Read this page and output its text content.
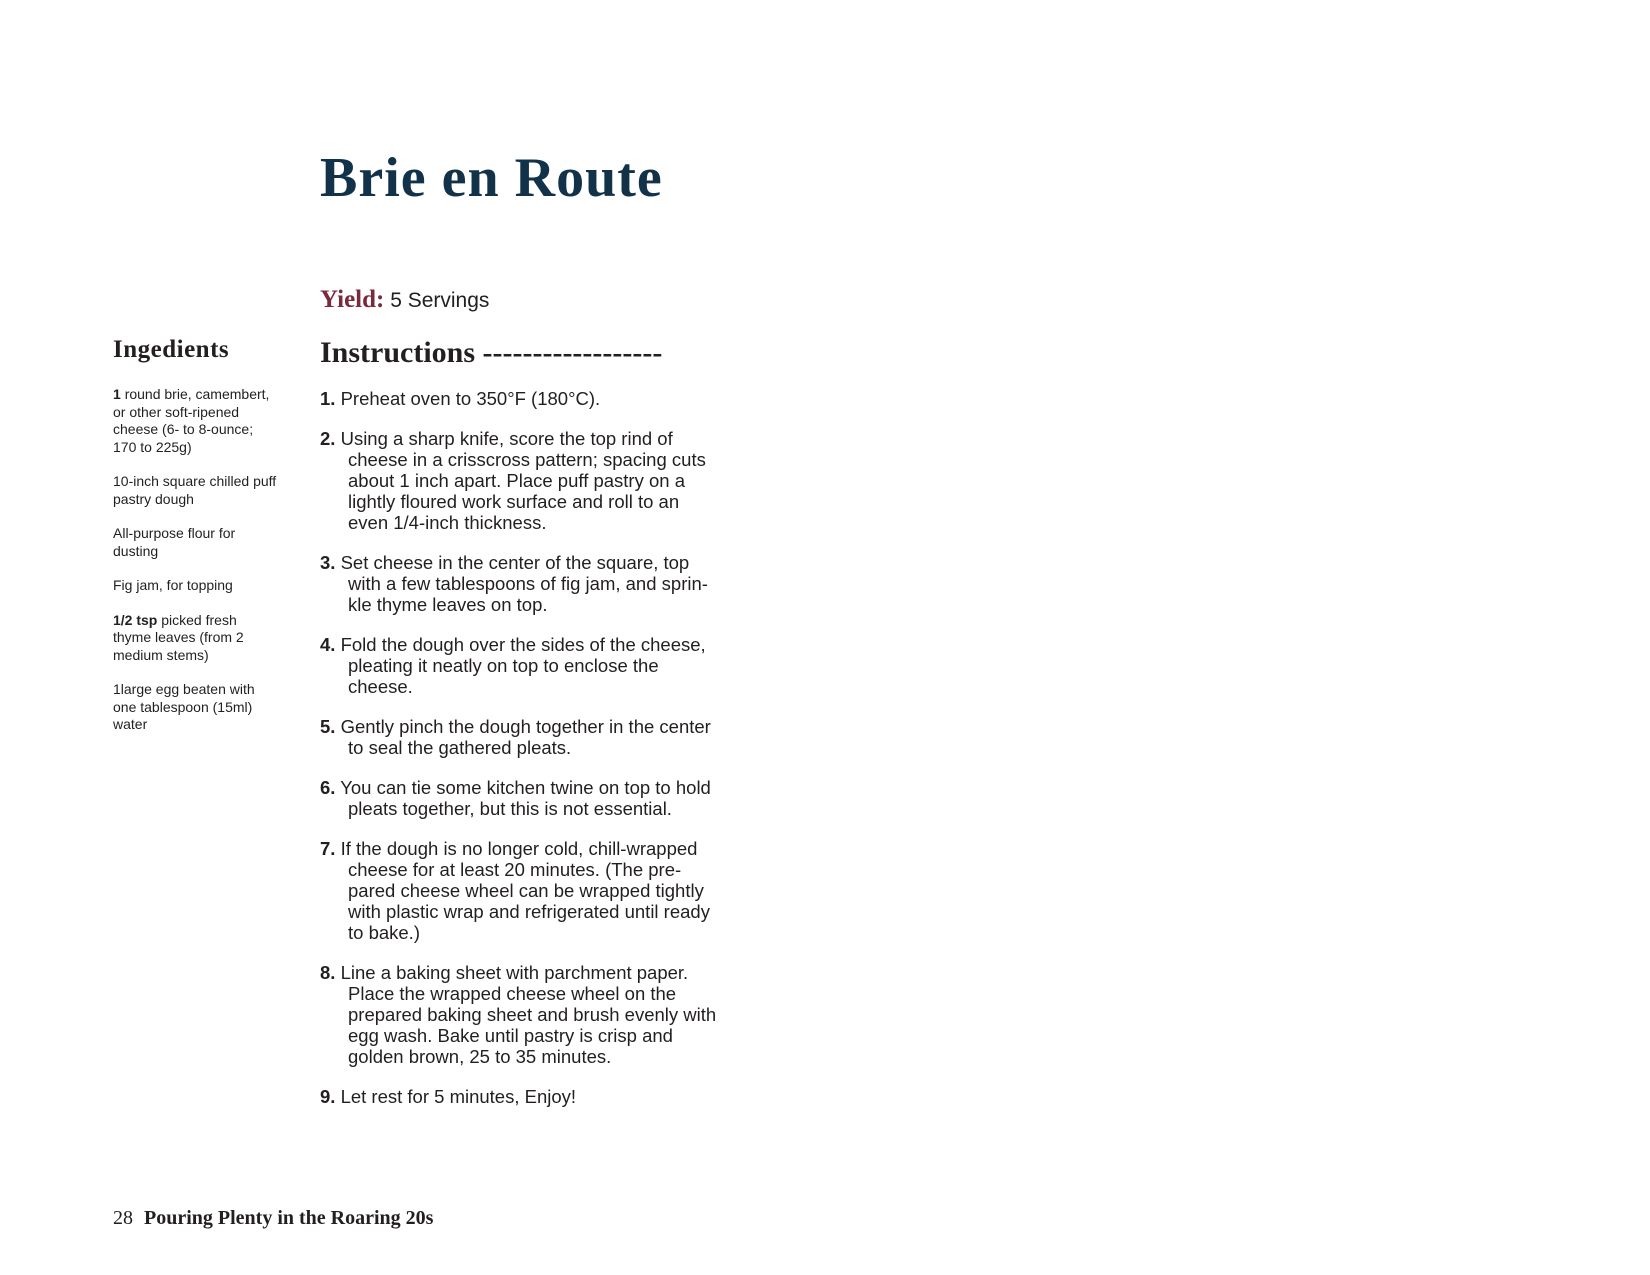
Brie en Route
Yield: 5 Servings
Ingedients
1 round brie, camembert, or other soft-ripened cheese (6- to 8-ounce; 170 to 225g)
10-inch square chilled puff pastry dough
All-purpose flour for dusting
Fig jam, for topping
1/2 tsp picked fresh thyme leaves (from 2 medium stems)
1large egg beaten with one tablespoon (15ml) water
Instructions ------------------
1. Preheat oven to 350°F (180°C).
2. Using a sharp knife, score the top rind of cheese in a crisscross pattern; spacing cuts about 1 inch apart. Place puff pastry on a lightly floured work surface and roll to an even 1/4-inch thickness.
3. Set cheese in the center of the square, top with a few tablespoons of fig jam, and sprin-kle thyme leaves on top.
4. Fold the dough over the sides of the cheese, pleating it neatly on top to enclose the cheese.
5. Gently pinch the dough together in the center to seal the gathered pleats.
6. You can tie some kitchen twine on top to hold pleats together, but this is not essential.
7. If the dough is no longer cold, chill-wrapped cheese for at least 20 minutes. (The pre-pared cheese wheel can be wrapped tightly with plastic wrap and refrigerated until ready to bake.)
8. Line a baking sheet with parchment paper. Place the wrapped cheese wheel on the prepared baking sheet and brush evenly with egg wash. Bake until pastry is crisp and golden brown, 25 to 35 minutes.
9. Let rest for 5 minutes, Enjoy!
28 Pouring Plenty in the Roaring 20s
